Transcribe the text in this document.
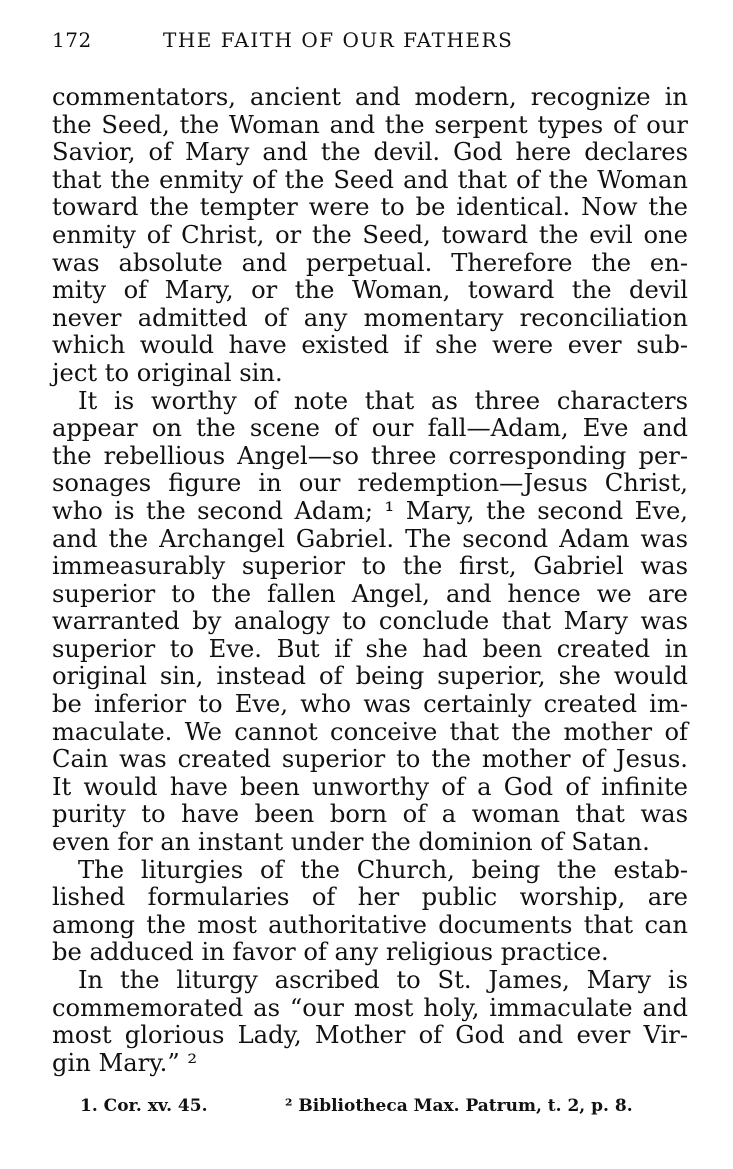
172	THE FAITH OF OUR FATHERS
commentators, ancient and modern, recognize in
the Seed, the Woman and the serpent types of our
Savior, of Mary and the devil. God here declares
that the enmity of the Seed and that of the Woman
toward the tempter were to be identical. Now the
enmity of Christ, or the Seed, toward the evil one
was absolute and perpetual. Therefore the en-
mity of Mary, or the Woman, toward the devil
never admitted of any momentary reconciliation
which would have existed if she were ever sub-
ject to original sin.
It is worthy of note that as three characters
appear on the scene of our fall—Adam, Eve and
the rebellious Angel—so three corresponding per-
sonages figure in our redemption—Jesus Christ,
who is the second Adam; ¹ Mary, the second Eve,
and the Archangel Gabriel. The second Adam was
immeasurably superior to the first, Gabriel was
superior to the fallen Angel, and hence we are
warranted by analogy to conclude that Mary was
superior to Eve. But if she had been created in
original sin, instead of being superior, she would
be inferior to Eve, who was certainly created im-
maculate. We cannot conceive that the mother of
Cain was created superior to the mother of Jesus.
It would have been unworthy of a God of infinite
purity to have been born of a woman that was
even for an instant under the dominion of Satan.
The liturgies of the Church, being the estab-
lished formularies of her public worship, are
among the most authoritative documents that can
be adduced in favor of any religious practice.
In the liturgy ascribed to St. James, Mary is
commemorated as “our most holy, immaculate and
most glorious Lady, Mother of God and ever Vir-
gin Mary.” ²
1. Cor. xv. 45.	² Bibliotheca Max. Patrum, t. 2, p. 8.
